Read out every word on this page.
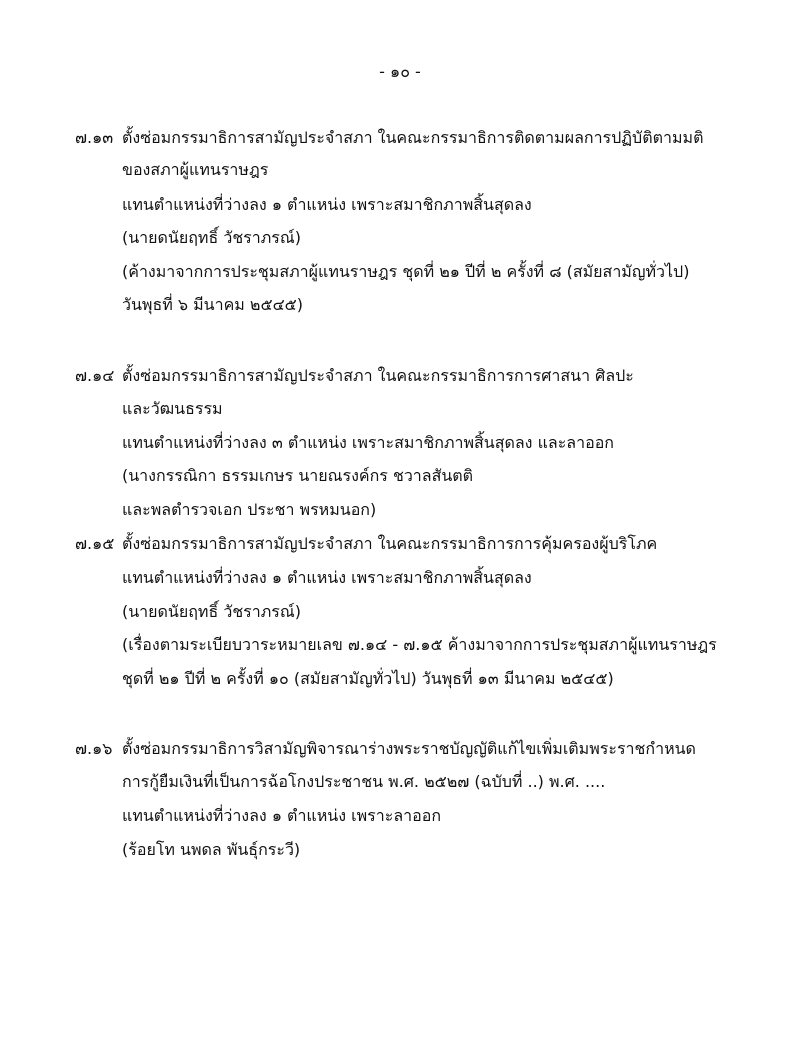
- ๑๐ -
๗.๑๓ ตั้งซ่อมกรรมาธิการสามัญประจำสภา ในคณะกรรมาธิการติดตามผลการปฏิบัติตามมติ
ของสภาผู้แทนราษฎร
แทนตำแหน่งที่ว่างลง ๑ ตำแหน่ง เพราะสมาชิกภาพสิ้นสุดลง
(นายดนัยฤทธิ์ วัชราภรณ์)
(ค้างมาจากการประชุมสภาผู้แทนราษฎร ชุดที่ ๒๑ ปีที่ ๒ ครั้งที่ ๘ (สมัยสามัญทั่วไป)
วันพุธที่ ๖ มีนาคม ๒๕๔๕)
๗.๑๔ ตั้งซ่อมกรรมาธิการสามัญประจำสภา ในคณะกรรมาธิการการศาสนา ศิลปะ
และวัฒนธรรม
แทนตำแหน่งที่ว่างลง ๓ ตำแหน่ง เพราะสมาชิกภาพสิ้นสุดลง และลาออก
(นางกรรณิกา ธรรมเกษร นายณรงค์กร ชวาลสันตติ
และพลตำรวจเอก ประชา พรหมนอก)
๗.๑๕ ตั้งซ่อมกรรมาธิการสามัญประจำสภา ในคณะกรรมาธิการการคุ้มครองผู้บริโภค
แทนตำแหน่งที่ว่างลง ๑ ตำแหน่ง เพราะสมาชิกภาพสิ้นสุดลง
(นายดนัยฤทธิ์ วัชราภรณ์)
(เรื่องตามระเบียบวาระหมายเลข ๗.๑๔ - ๗.๑๕ ค้างมาจากการประชุมสภาผู้แทนราษฎร
ชุดที่ ๒๑ ปีที่ ๒ ครั้งที่ ๑๐ (สมัยสามัญทั่วไป) วันพุธที่ ๑๓ มีนาคม ๒๕๔๕)
๗.๑๖ ตั้งซ่อมกรรมาธิการวิสามัญพิจารณาร่างพระราชบัญญัติแก้ไขเพิ่มเติมพระราชกำหนด
การกู้ยืมเงินที่เป็นการฉ้อโกงประชาชน พ.ศ. ๒๕๒๗ (ฉบับที่ ..) พ.ศ. ....
แทนตำแหน่งที่ว่างลง ๑ ตำแหน่ง เพราะลาออก
(ร้อยโท นพดล พันธุ์กระวี)
